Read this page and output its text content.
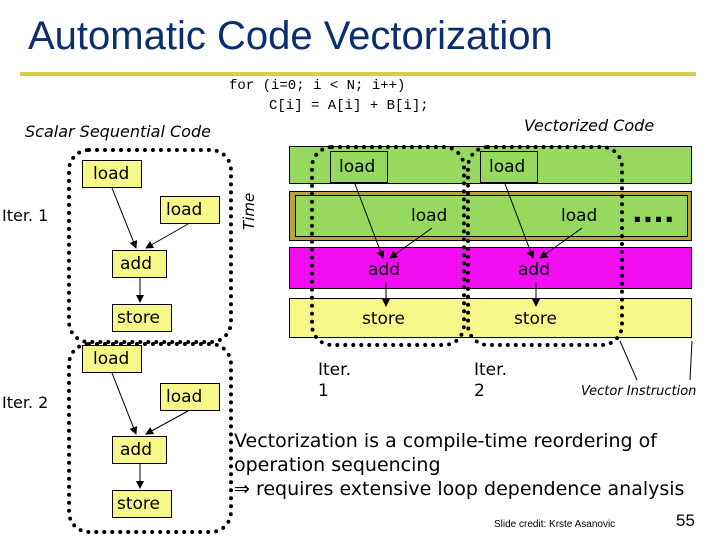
Automatic Code Vectorization
for (i=0; i < N; i++)
C[i] = A[i] + B[i];
Scalar Sequential Code	Vectorized Code
load
load
add
store
load
load
add
store
Iter. 1
Iter. 2
Time
load	load
load	load ....
add	add
store	store
Iter.
1
Iter.
2	Vector Instruction
Vectorization is a compile-time reordering of
operation sequencing
⇒ requires extensive loop dependence analysis
Slide credit: Krste Asanovic	55
